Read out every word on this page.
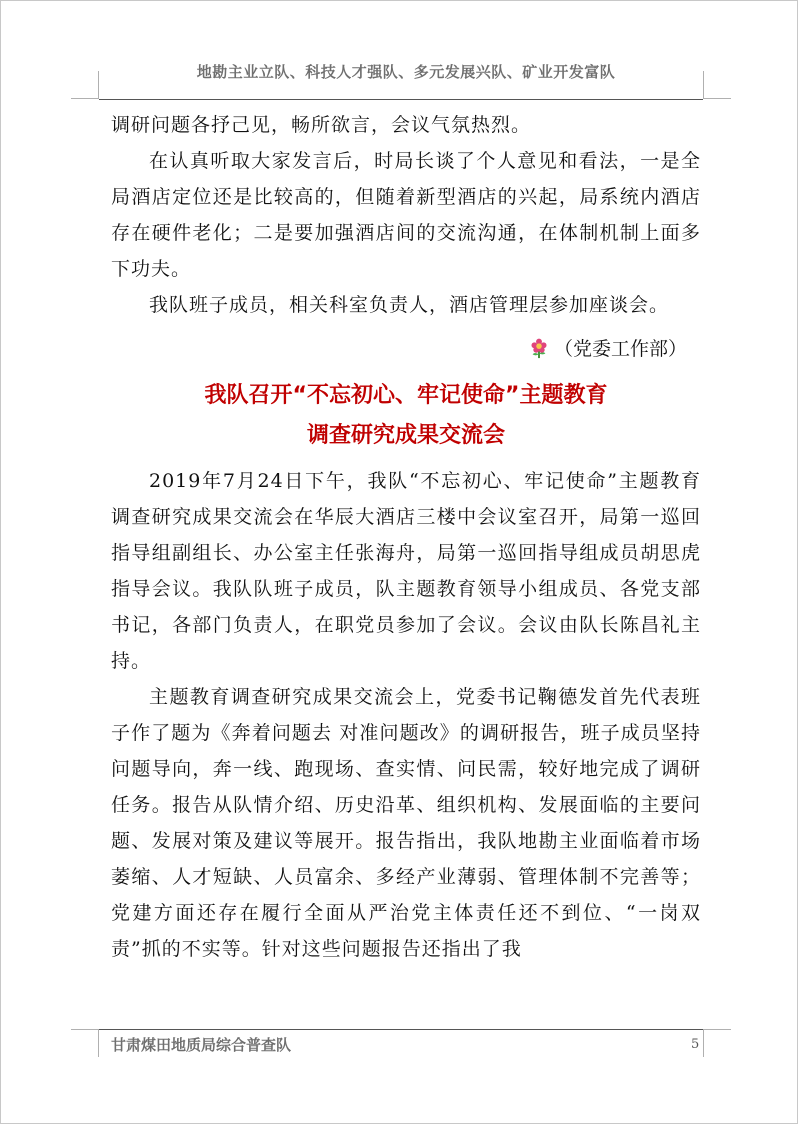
地勘主业立队、科技人才强队、多元发展兴队、矿业开发富队

调研问题各抒己见，畅所欲言，会议气氛热烈。

在认真听取大家发言后，时局长谈了个人意见和看法，一是全局酒店定位还是比较高的，但随着新型酒店的兴起，局系统内酒店存在硬件老化；二是要加强酒店间的交流沟通，在体制机制上面多下功夫。

我队班子成员，相关科室负责人，酒店管理层参加座谈会。

（党委工作部）
我队召开“不忘初心、牢记使命”主题教育
调查研究成果交流会

2019年7月24日下午，我队“不忘初心、牢记使命”主题教育调查研究成果交流会在华辰大酒店三楼中会议室召开，局第一巡回指导组副组长、办公室主任张海舟，局第一巡回指导组成员胡思虎指导会议。我队队班子成员，队主题教育领导小组成员、各党支部书记，各部门负责人，在职党员参加了会议。会议由队长陈昌礼主持。

主题教育调查研究成果交流会上，党委书记鞠德发首先代表班子作了题为《奔着问题去 对准问题改》的调研报告，班子成员坚持问题导向，奔一线、跑现场、查实情、问民需，较好地完成了调研任务。报告从队情介绍、历史沿革、组织机构、发展面临的主要问题、发展对策及建议等展开。报告指出，我队地勘主业面临着市场萎缩、人才短缺、人员富余、多经产业薄弱、管理体制不完善等；党建方面还存在履行全面从严治党主体责任还不到位、“一岗双责”抓的不实等。针对这些问题报告还指出了我

甘肃煤田地质局综合普查队	5
